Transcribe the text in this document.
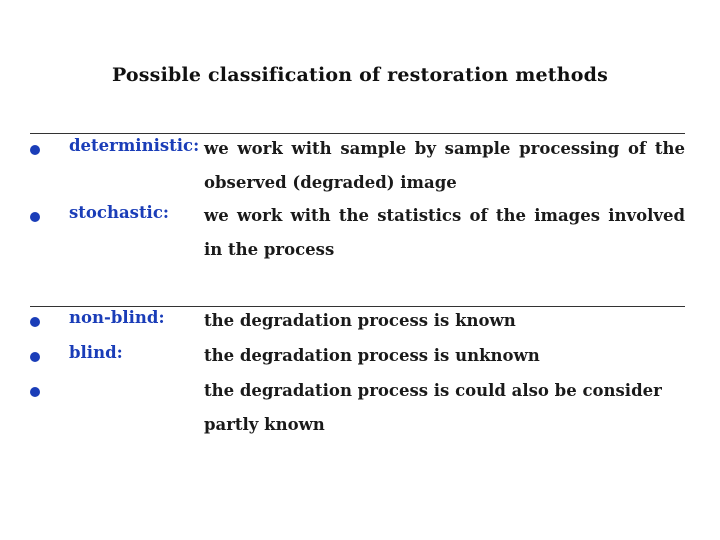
Possible classification of restoration methods
deterministic: we work with sample by sample processing of the observed (degraded) image
stochastic: we work with the statistics of the images involved in the process
non-blind: the degradation process is known
blind:	the degradation process is unknown
the degradation process is could also be consider partly known
